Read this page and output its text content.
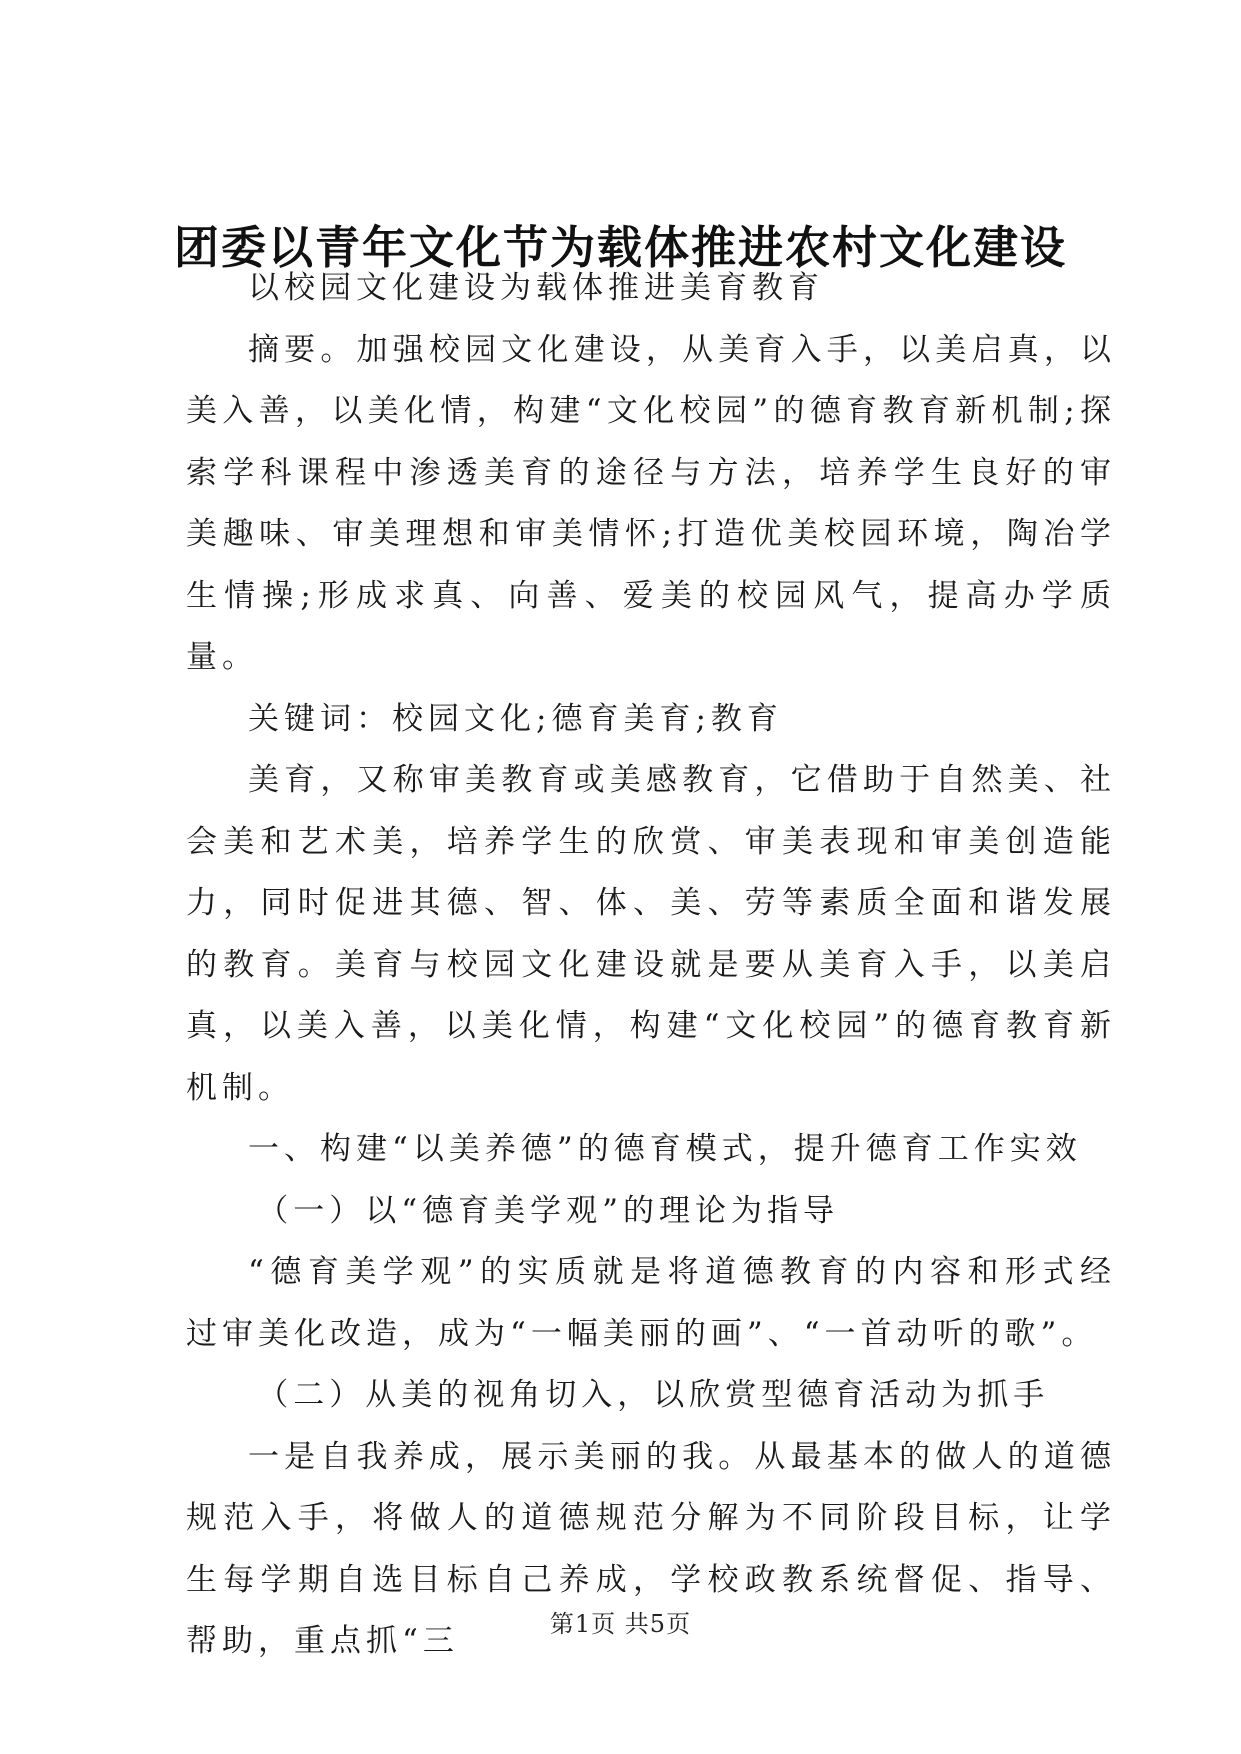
团委以青年文化节为载体推进农村文化建设

以校园文化建设为载体推进美育教育

摘要。加强校园文化建设，从美育入手，以美启真，以美入善，以美化情，构建“文化校园”的德育教育新机制;探索学科课程中渗透美育的途径与方法，培养学生良好的审美趣味、审美理想和审美情怀;打造优美校园环境，陶冶学生情操;形成求真、向善、爱美的校园风气，提高办学质量。

关键词：校园文化;德育美育;教育

美育，又称审美教育或美感教育，它借助于自然美、社会美和艺术美，培养学生的欣赏、审美表现和审美创造能力，同时促进其德、智、体、美、劳等素质全面和谐发展的教育。美育与校园文化建设就是要从美育入手，以美启真，以美入善，以美化情，构建“文化校园”的德育教育新机制。

一、构建“以美养德”的德育模式，提升德育工作实效

（一）以“德育美学观”的理论为指导

“德育美学观”的实质就是将道德教育的内容和形式经过审美化改造，成为“一幅美丽的画”、“一首动听的歌”。

（二）从美的视角切入，以欣赏型德育活动为抓手

一是自我养成，展示美丽的我。从最基本的做人的道德规范入手，将做人的道德规范分解为不同阶段目标，让学生每学期自选目标自己养成，学校政教系统督促、指导、帮助，重点抓“三	第1页 共5页
